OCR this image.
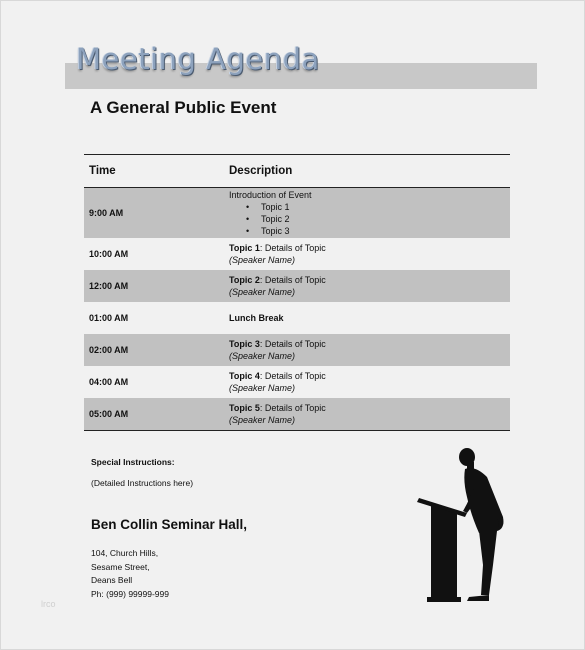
Meeting Agenda
A General Public Event
Time	Description
9:00 AM
Introduction of Event
• Topic 1
• Topic 2
• Topic 3
10:00 AM
Topic 1: Details of Topic
(Speaker Name)
12:00 AM
Topic 2: Details of Topic
(Speaker Name)
01:00 AM	Lunch Break
02:00 AM
Topic 3: Details of Topic
(Speaker Name)
04:00 AM
Topic 4: Details of Topic
(Speaker Name)
05:00 AM
Topic 5: Details of Topic
(Speaker Name)
Special Instructions:
(Detailed Instructions here)
Ben Collin Seminar Hall,
104, Church Hills,
Sesame Street,
Deans Bell
Ph: (999) 99999-999
lrco
